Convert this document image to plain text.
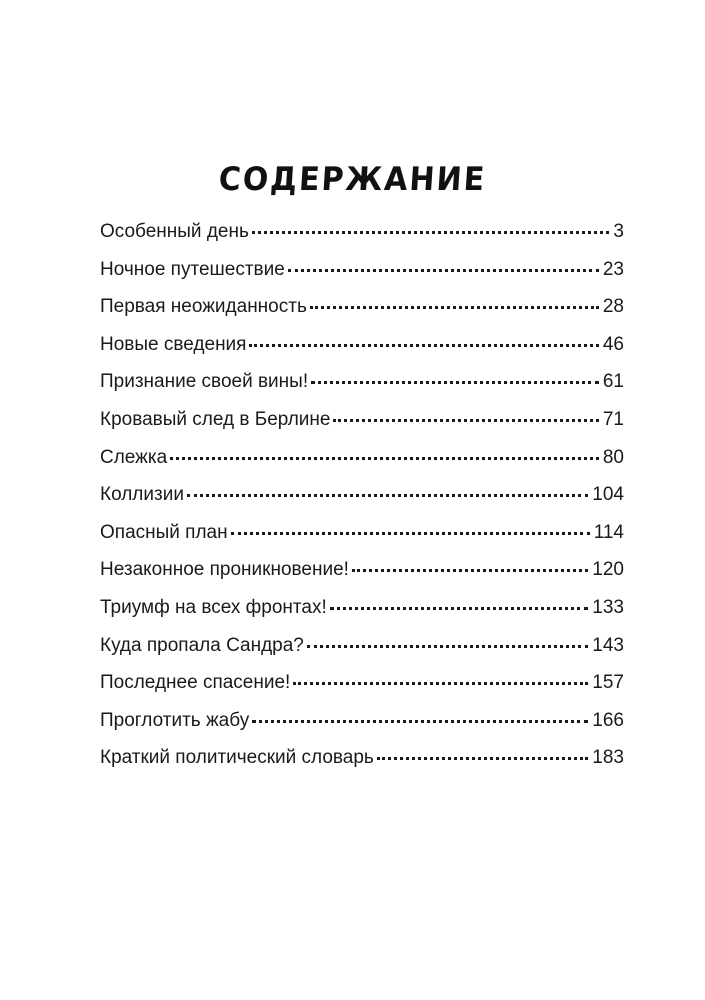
СОДЕРЖАНИЕ
Особенный день	3
Ночное путешествие	23
Первая неожиданность	28
Новые сведения	46
Признание своей вины!	61
Кровавый след в Берлине	71
Слежка	80
Коллизии	104
Опасный план	114
Незаконное проникновение!	120
Триумф на всех фронтах!	133
Куда пропала Сандра?	143
Последнее спасение!	157
Проглотить жабу	166
Краткий политический словарь	183
